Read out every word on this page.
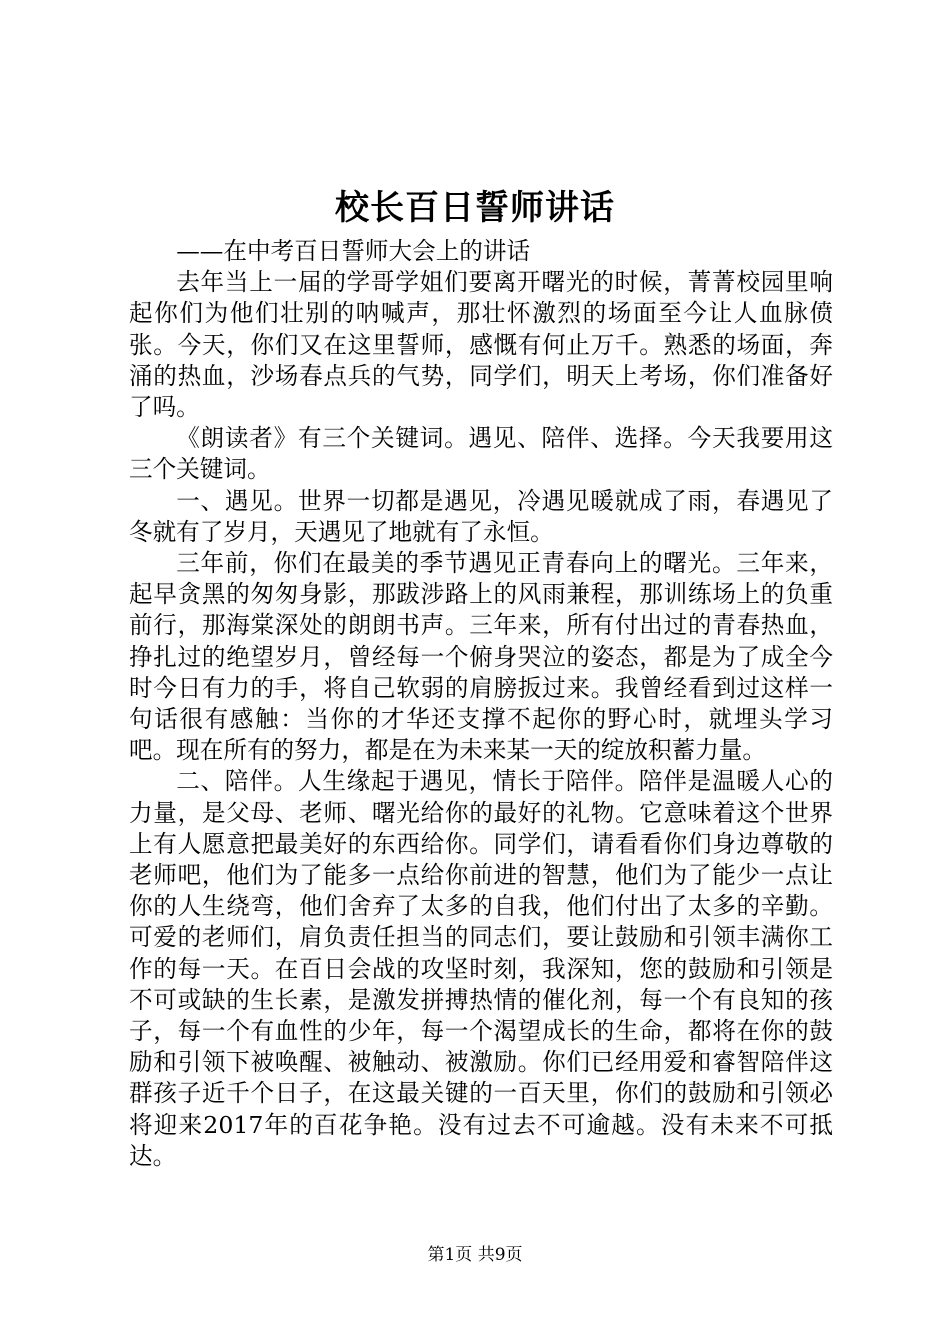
校长百日誓师讲话

——在中考百日誓师大会上的讲话

去年当上一届的学哥学姐们要离开曙光的时候，菁菁校园里响起你们为他们壮别的呐喊声，那壮怀激烈的场面至今让人血脉偾张。今天，你们又在这里誓师，感慨有何止万千。熟悉的场面，奔涌的热血，沙场春点兵的气势，同学们，明天上考场，你们准备好了吗。

《朗读者》有三个关键词。遇见、陪伴、选择。今天我要用这三个关键词。

一、遇见。世界一切都是遇见，冷遇见暖就成了雨，春遇见了冬就有了岁月，天遇见了地就有了永恒。

三年前，你们在最美的季节遇见正青春向上的曙光。三年来，起早贪黑的匆匆身影，那跋涉路上的风雨兼程，那训练场上的负重前行，那海棠深处的朗朗书声。三年来，所有付出过的青春热血，挣扎过的绝望岁月，曾经每一个俯身哭泣的姿态，都是为了成全今时今日有力的手，将自己软弱的肩膀扳过来。我曾经看到过这样一句话很有感触：当你的才华还支撑不起你的野心时，就埋头学习吧。现在所有的努力，都是在为未来某一天的绽放积蓄力量。

二、陪伴。人生缘起于遇见，情长于陪伴。陪伴是温暖人心的力量，是父母、老师、曙光给你的最好的礼物。它意味着这个世界上有人愿意把最美好的东西给你。同学们，请看看你们身边尊敬的老师吧，他们为了能多一点给你前进的智慧，他们为了能少一点让你的人生绕弯，他们舍弃了太多的自我，他们付出了太多的辛勤。可爱的老师们，肩负责任担当的同志们，要让鼓励和引领丰满你工作的每一天。在百日会战的攻坚时刻，我深知，您的鼓励和引领是不可或缺的生长素，是激发拼搏热情的催化剂，每一个有良知的孩子，每一个有血性的少年，每一个渴望成长的生命，都将在你的鼓励和引领下被唤醒、被触动、被激励。你们已经用爱和睿智陪伴这群孩子近千个日子，在这最关键的一百天里，你们的鼓励和引领必将迎来2017年的百花争艳。没有过去不可逾越。没有未来不可抵达。

第1页 共9页
